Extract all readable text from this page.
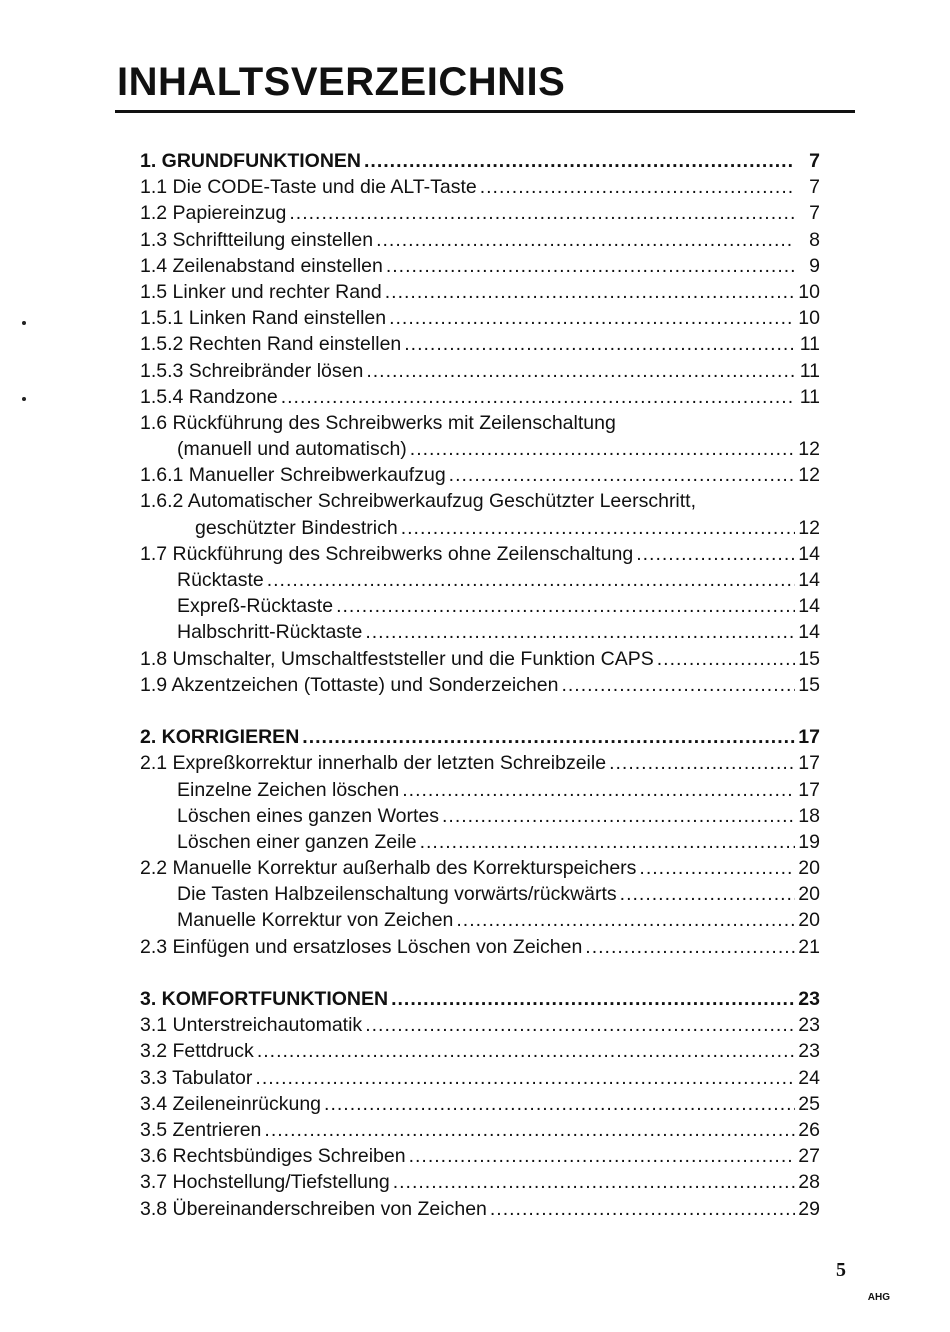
INHALTSVERZEICHNIS
1. GRUNDFUNKTIONEN .....	7
1.1 Die CODE-Taste und die ALT-Taste .....	7
1.2 Papiereinzug .....	7
1.3 Schriftteilung einstellen .....	8
1.4 Zeilenabstand einstellen .....	9
1.5 Linker und rechter Rand .....	10
1.5.1 Linken Rand einstellen .....	10
1.5.2 Rechten Rand einstellen .....	11
1.5.3 Schreibränder lösen .....	11
1.5.4 Randzone .....	11
1.6 Rückführung des Schreibwerks mit Zeilenschaltung
(manuell und automatisch) .....	12
1.6.1 Manueller Schreibwerkaufzug .....	12
1.6.2 Automatischer Schreibwerkaufzug Geschützter Leerschritt,
geschützter Bindestrich .....	12
1.7 Rückführung des Schreibwerks ohne Zeilenschaltung .....	14
Rücktaste .....	14
Expreß-Rücktaste .....	14
Halbschritt-Rücktaste .....	14
1.8 Umschalter, Umschaltfeststeller und die Funktion CAPS .....	15
1.9 Akzentzeichen (Tottaste) und Sonderzeichen .....	15
2. KORRIGIEREN .....	17
2.1 Expreßkorrektur innerhalb der letzten Schreibzeile .....	17
Einzelne Zeichen löschen .....	17
Löschen eines ganzen Wortes .....	18
Löschen einer ganzen Zeile .....	19
2.2 Manuelle Korrektur außerhalb des Korrekturspeichers .....	20
Die Tasten Halbzeilenschaltung vorwärts/rückwärts .....	20
Manuelle Korrektur von Zeichen .....	20
2.3 Einfügen und ersatzloses Löschen von Zeichen .....	21
3. KOMFORTFUNKTIONEN .....	23
3.1 Unterstreichautomatik .....	23
3.2 Fettdruck .....	23
3.3 Tabulator .....	24
3.4 Zeileneinrückung .....	25
3.5 Zentrieren .....	26
3.6 Rechtsbündiges Schreiben .....	27
3.7 Hochstellung/Tiefstellung .....	28
3.8 Übereinanderschreiben von Zeichen .....	29
5
AHG
